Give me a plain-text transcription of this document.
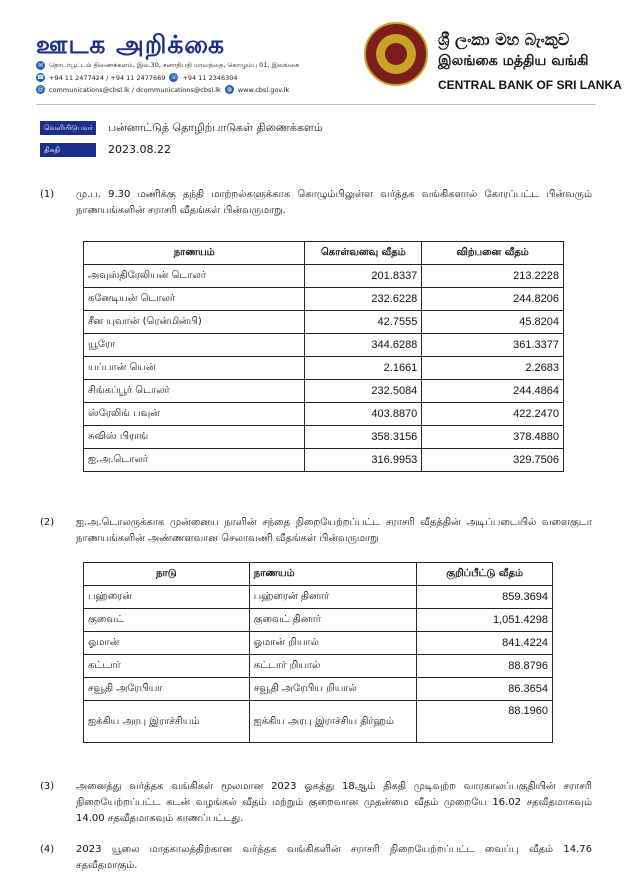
ஊடக அறிக்கை
✉ தொடர்பூட்டல் திணைக்களம், இல.30, சனாதிபதி மாவத்தை, கொழும்பு 01, இலங்கை
☎ +94 11 2477424 / +94 11 2477669 ☏ +94 11 2346304
@ communications@cbsl.lk / dcommunications@cbsl.lk ◍ www.cbsl.gov.lk
ශ්‍රී ලංකා මහ බැංකුව
இலங்கை மத்திய வங்கி
CENTRAL BANK OF SRI LANKA
வெளியிடுபவர் பன்னாட்டுத் தொழிற்பாடுகள் திணைக்களம்
திகதி	2023.08.22
(1) மு.ப. 9.30 மணிக்கு தந்தி மாற்றல்களுக்காக கொழும்பிலுள்ள வர்த்தக வங்கிகளால் கோரப்பட்ட பின்வரும் நாணயங்களின் சராசரி வீதங்கள் பின்வருமாறு.
நாணயம்	கொள்வனவு வீதம்	விற்பனை வீதம்
அவுஸ்திரேலியன் டொலர்	201.8337	213.2228
கனேடியன் டொலர்	232.6228	244.8206
சீன யுவான் (ரென்மின்பி)	42.7555	45.8204
யூரோ	344.6288	361.3377
யப்பான் யென்	2.1661	2.2683
சிங்கப்பூர் டொலர்	232.5084	244.4864
ஸ்ரேலிங் பவுன்	403.8870	422.2470
சுவிஸ் பிராங்	358.3156	378.4880
ஐ.அ.டொலர்	316.9953	329.7506
(2) ஐ.அ.டொலருக்காக முன்னைய நாளின் சந்தை நிறையேற்றப்பட்ட சராசரி வீதத்தின் அடிப்படையில் வளைகுடா நாணயங்களின் அண்ணளவான செலாவணி வீதங்கள் பின்வருமாறு
நாடு	நாணயம்	குறிப்பீட்டு வீதம்
பஹ்ரைன்	பஹ்ரைன் தினார்	859.3694
குவைட்	குவைட் தினார்	1,051.4298
ஓமான்	ஓமான் றியால்	841.4224
கட்டார்	கட்டார் றியால்	88.8796
சவூதி அரேபியா	சவூதி அரேபிய றியால்	86.3654
ஐக்கிய அரபு இராச்சியம்	ஐக்கிய அரபு இராச்சிய திர்ஹம்	88.1960
(3) அனைத்து வர்த்தக வங்கிகள் மூலமான 2023 ஓகத்து 18ஆம் திகதி முடிவுற்ற வாரகாலப்பகுதியின் சராசரி நிறையேற்றப்பட்ட கடன் வழங்கல் வீதம் மற்றும் குறைவான முதன்மை வீதம் முறையே 16.02 சதவீதமாகவும் 14.00 சதவீதமாகவும் காணப்பட்டது.
(4) 2023 யூலை மாதகாலத்திற்கான வர்த்தக வங்கிகளின் சராசரி நிறையேற்றப்பட்ட வைப்பு வீதம் 14.76 சதவீதமாகும்.
